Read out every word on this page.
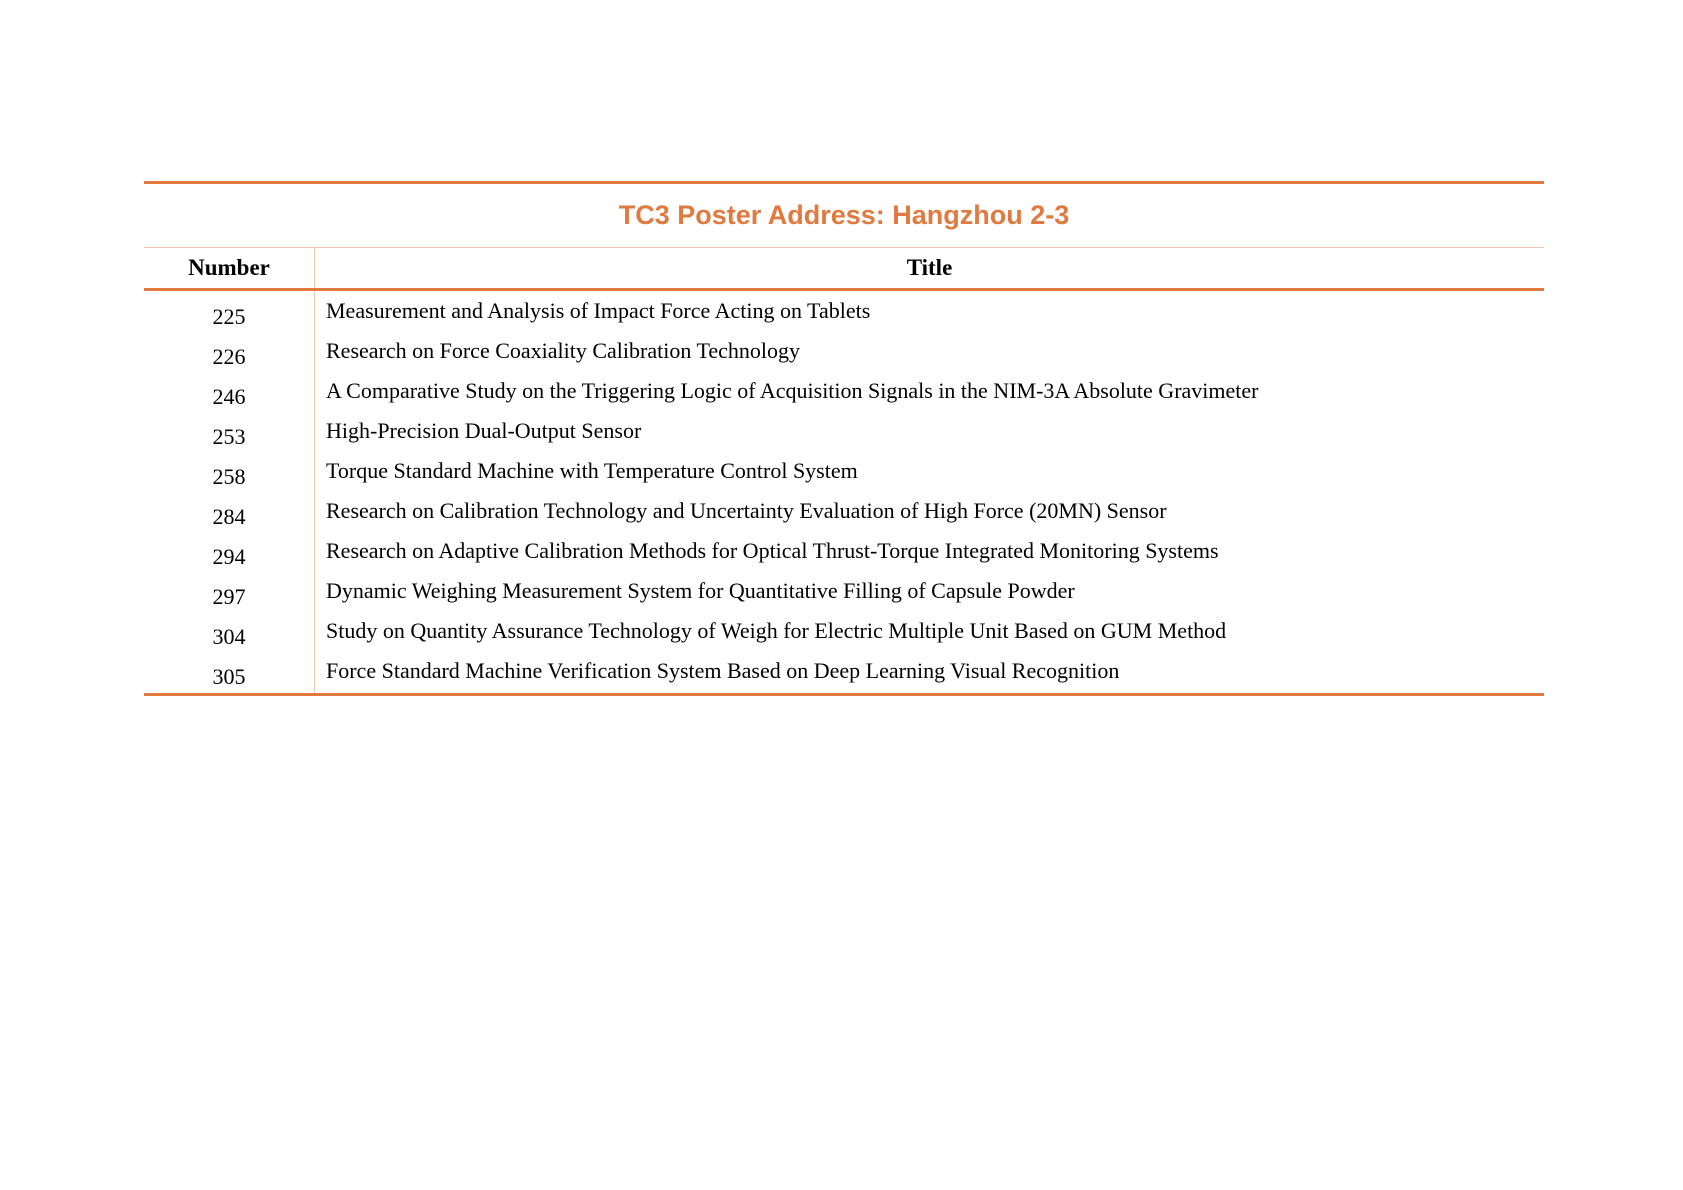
TC3 Poster Address: Hangzhou 2-3
Number	Title
225	Measurement and Analysis of Impact Force Acting on Tablets
226	Research on Force Coaxiality Calibration Technology
246	A Comparative Study on the Triggering Logic of Acquisition Signals in the NIM-3A Absolute Gravimeter
253	High-Precision Dual-Output Sensor
258	Torque Standard Machine with Temperature Control System
284	Research on Calibration Technology and Uncertainty Evaluation of High Force (20MN) Sensor
294	Research on Adaptive Calibration Methods for Optical Thrust-Torque Integrated Monitoring Systems
297	Dynamic Weighing Measurement System for Quantitative Filling of Capsule Powder
304	Study on Quantity Assurance Technology of Weigh for Electric Multiple Unit Based on GUM Method
305	Force Standard Machine Verification System Based on Deep Learning Visual Recognition
